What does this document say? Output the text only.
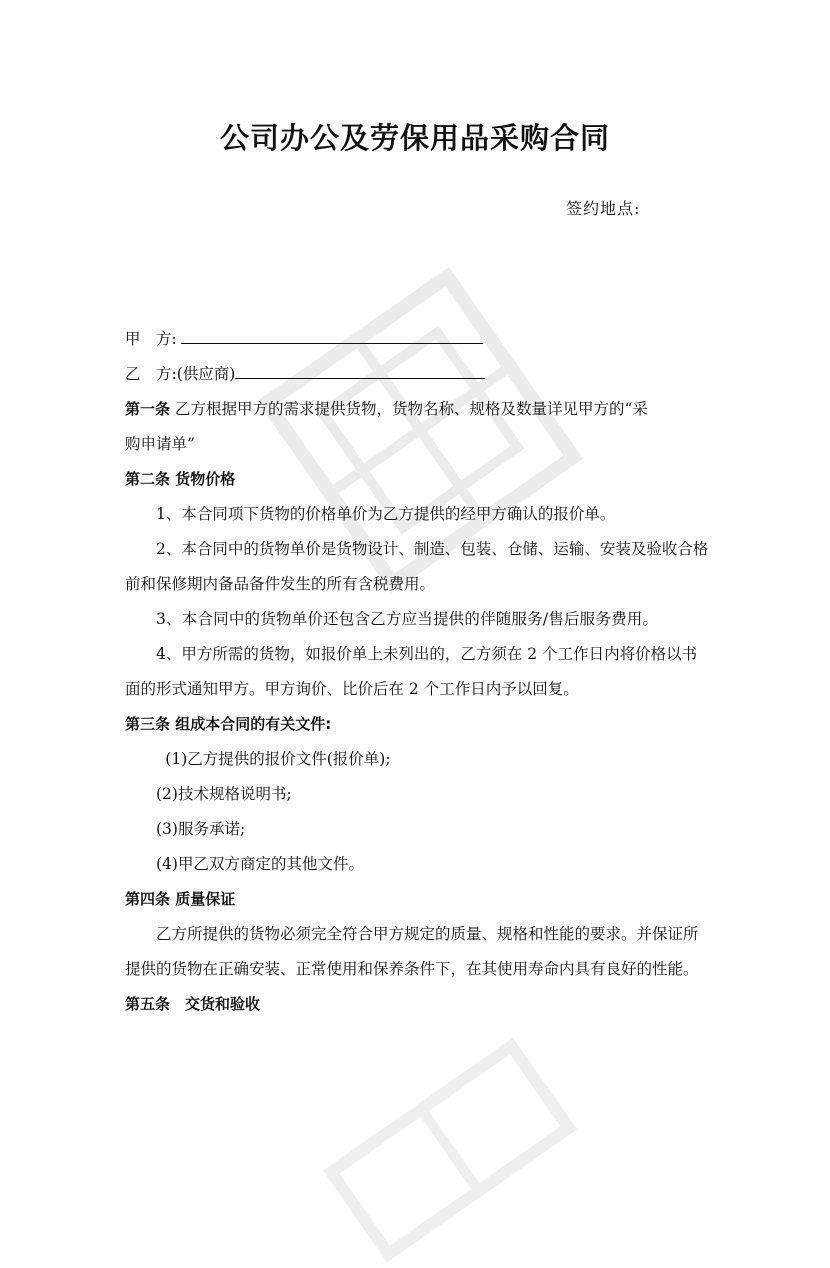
公司办公及劳保用品采购合同
签约地点:

甲　方:

乙　方:(供应商)

第一条 乙方根据甲方的需求提供货物，货物名称、规格及数量详见甲方的“采

购申请单”

第二条 货物价格

1、本合同项下货物的价格单价为乙方提供的经甲方确认的报价单。

2、本合同中的货物单价是货物设计、制造、包装、仓储、运输、安装及验收合格前和保修期内备品备件发生的所有含税费用。

3、本合同中的货物单价还包含乙方应当提供的伴随服务/售后服务费用。

4、甲方所需的货物，如报价单上未列出的，乙方须在 2 个工作日内将价格以书面的形式通知甲方。甲方询价、比价后在 2 个工作日内予以回复。

第三条 组成本合同的有关文件:

(1)乙方提供的报价文件(报价单);

(2)技术规格说明书;

(3)服务承诺;

(4)甲乙双方商定的其他文件。

第四条 质量保证

乙方所提供的货物必须完全符合甲方规定的质量、规格和性能的要求。并保证所提供的货物在正确安装、正常使用和保养条件下，在其使用寿命内具有良好的性能。

第五条　交货和验收
